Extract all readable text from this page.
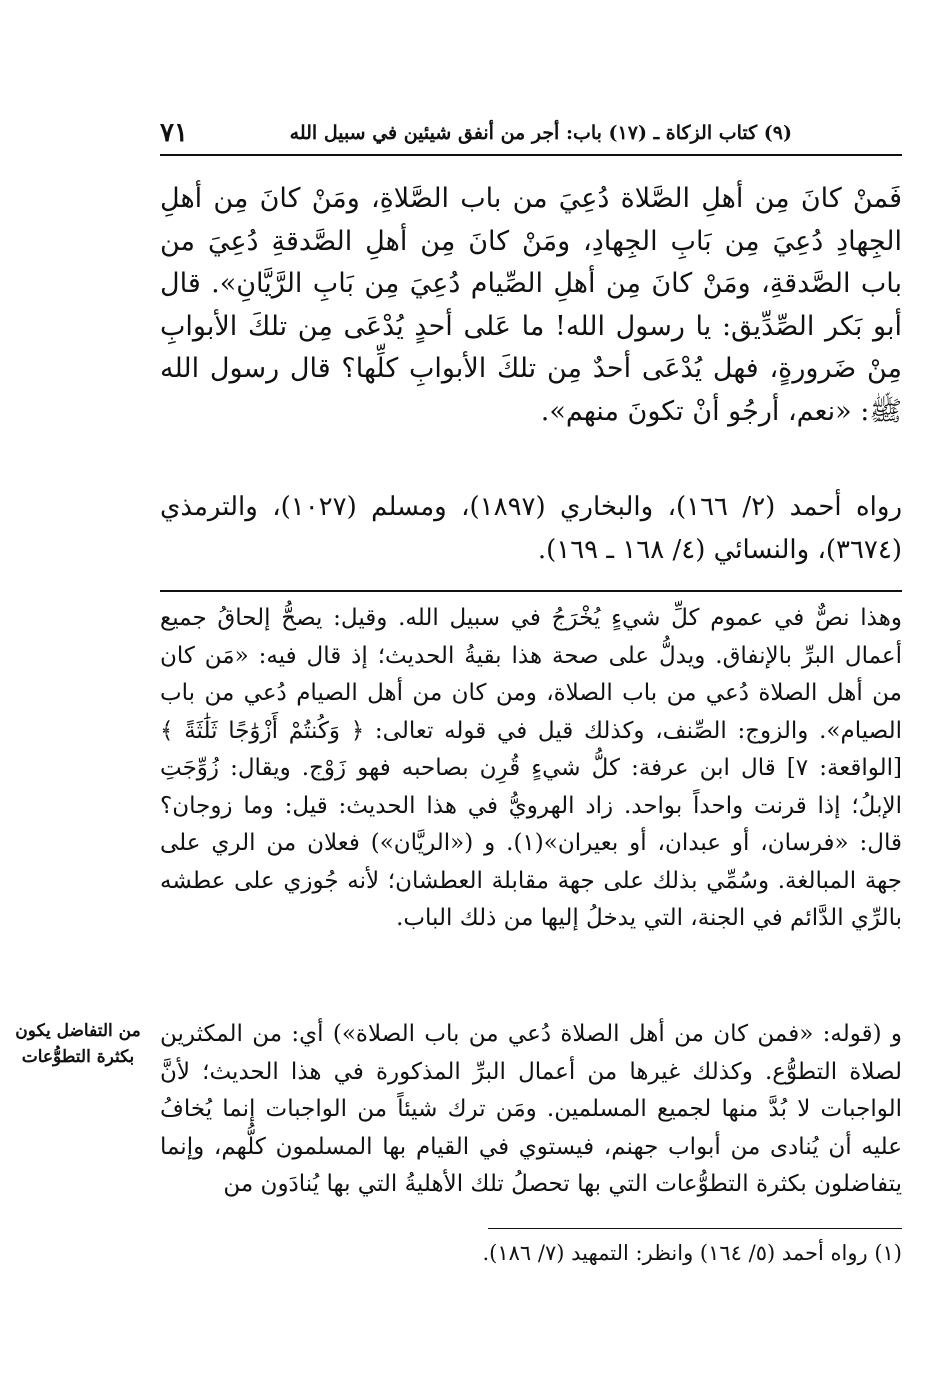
٧١	(٩) كتاب الزكاة ـ (١٧) باب: أجر من أنفق شيئين في سبيل الله

فَمنْ كانَ مِن أهلِ الصَّلاة دُعِيَ من باب الصَّلاةِ، ومَنْ كانَ مِن أهلِ الجِهادِ دُعِيَ مِن بَابِ الجِهادِ، ومَنْ كانَ مِن أهلِ الصَّدقةِ دُعِيَ من باب الصَّدقةِ، ومَنْ كانَ مِن أهلِ الصِّيام دُعِيَ مِن بَابِ الرَّيَّانِ». قال أبو بَكر الصِّدِّيق: يا رسول الله! ما عَلى أحدٍ يُدْعَى مِن تلكَ الأبوابِ مِنْ ضَرورةٍ، فهل يُدْعَى أحدٌ مِن تلكَ الأبوابِ كلِّها؟ قال رسول الله ﷺ: «نعم، أرجُو أنْ تكونَ منهم».

رواه أحمد (٢/ ١٦٦)، والبخاري (١٨٩٧)، ومسلم (١٠٢٧)، والترمذي (٣٦٧٤)، والنسائي (٤/ ١٦٨ ـ ١٦٩).

وهذا نصٌّ في عموم كلِّ شيءٍ يُخْرَجُ في سبيل الله. وقيل: يصحُّ إلحاقُ جميع أعمال البرِّ بالإنفاق. ويدلُّ على صحة هذا بقيةُ الحديث؛ إذ قال فيه: «مَن كان من أهل الصلاة دُعي من باب الصلاة، ومن كان من أهل الصيام دُعي من باب الصيام». والزوج: الصِّنف، وكذلك قيل في قوله تعالى: ﴿ وَكُنتُمْ أَزْوَٰجًا ثَلَٰثَةً ﴾ [الواقعة: ٧] قال ابن عرفة: كلُّ شيءٍ قُرِن بصاحبه فهو زَوْج. ويقال: زُوِّجَتِ الإبلُ؛ إذا قرنت واحداً بواحد. زاد الهرويُّ في هذا الحديث: قيل: وما زوجان؟ قال: «فرسان، أو عبدان، أو بعيران»(١). و («الريَّان») فعلان من الري على جهة المبالغة. وسُمِّي بذلك على جهة مقابلة العطشان؛ لأنه جُوزي على عطشه بالرِّي الدَّائم في الجنة، التي يدخلُ إليها من ذلك الباب.

و (قوله: «فمن كان من أهل الصلاة دُعي من باب الصلاة») أي: من المكثرين لصلاة التطوُّع. وكذلك غيرها من أعمال البرِّ المذكورة في هذا الحديث؛ لأنَّ الواجبات لا بُدَّ منها لجميع المسلمين. ومَن ترك شيئاً من الواجبات إنما يُخافُ عليه أن يُنادى من أبواب جهنم، فيستوي في القيام بها المسلمون كلُّهم، وإنما يتفاضلون بكثرة التطوُّعات التي بها تحصلُ تلك الأهليةُ التي بها يُنادَون من

من التفاضل يكون بكثرة التطوُّعات

(١) رواه أحمد (٥/ ١٦٤) وانظر: التمهيد (٧/ ١٨٦).
